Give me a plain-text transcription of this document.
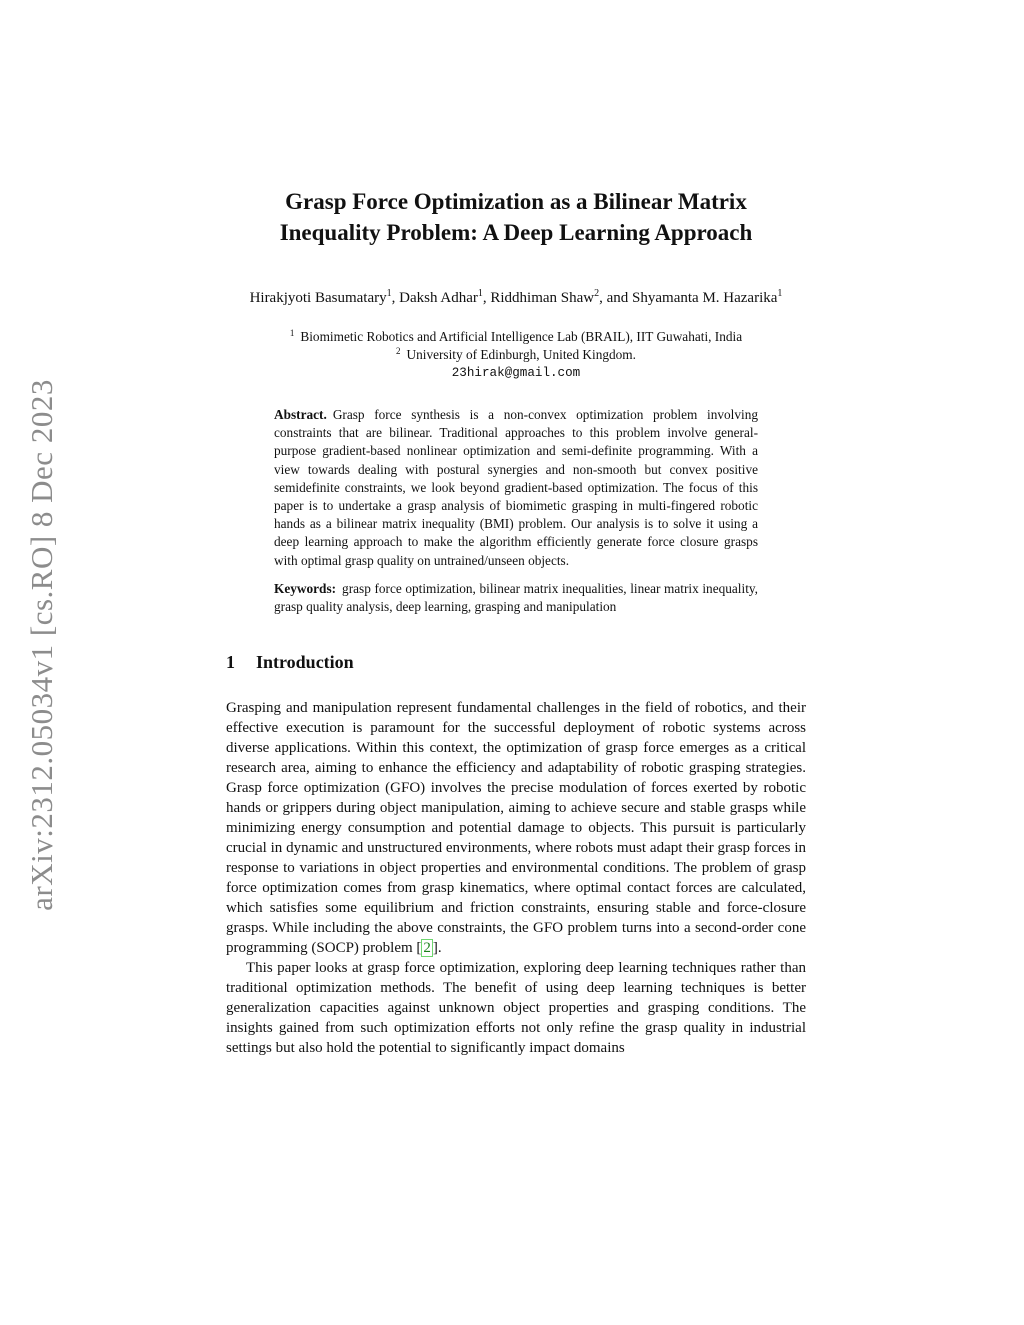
arXiv:2312.05034v1 [cs.RO] 8 Dec 2023
Grasp Force Optimization as a Bilinear Matrix
Inequality Problem: A Deep Learning Approach
Hirakjyoti Basumatary$^1$, Daksh Adhar$^1$, Riddhiman Shaw$^2$, and Shyamanta M. Hazarika$^1$
$^1$ Biomimetic Robotics and Artificial Intelligence Lab (BRAIL), IIT Guwahati, India
$^2$ University of Edinburgh, United Kingdom.
23hirak@gmail.com
Abstract. Grasp force synthesis is a non-convex optimization problem involving constraints that are bilinear. Traditional approaches to this problem involve general-purpose gradient-based nonlinear optimization and semi-definite programming. With a view towards dealing with postural synergies and non-smooth but convex positive semidefinite constraints, we look beyond gradient-based optimization. The focus of this paper is to undertake a grasp analysis of biomimetic grasping in multi-fingered robotic hands as a bilinear matrix inequality (BMI) problem. Our analysis is to solve it using a deep learning approach to make the algorithm efficiently generate force closure grasps with optimal grasp quality on untrained/unseen objects.
Keywords: grasp force optimization, bilinear matrix inequalities, linear matrix inequality, grasp quality analysis, deep learning, grasping and manipulation
1 Introduction

Grasping and manipulation represent fundamental challenges in the field of robotics, and their effective execution is paramount for the successful deployment of robotic systems across diverse applications. Within this context, the optimization of grasp force emerges as a critical research area, aiming to enhance the efficiency and adaptability of robotic grasping strategies. Grasp force optimization (GFO) involves the precise modulation of forces exerted by robotic hands or grippers during object manipulation, aiming to achieve secure and stable grasps while minimizing energy consumption and potential damage to objects. This pursuit is particularly crucial in dynamic and unstructured environments, where robots must adapt their grasp forces in response to variations in object properties and environmental conditions. The problem of grasp force optimization comes from grasp kinematics, where optimal contact forces are calculated, which satisfies some equilibrium and friction constraints, ensuring stable and force-closure grasps. While including the above constraints, the GFO problem turns into a second-order cone programming (SOCP) problem [ 2 ].

This paper looks at grasp force optimization, exploring deep learning techniques rather than traditional optimization methods. The benefit of using deep learning techniques is better generalization capacities against unknown object properties and grasping conditions. The insights gained from such optimization efforts not only refine the grasp quality in industrial settings but also hold the potential to significantly impact domains
